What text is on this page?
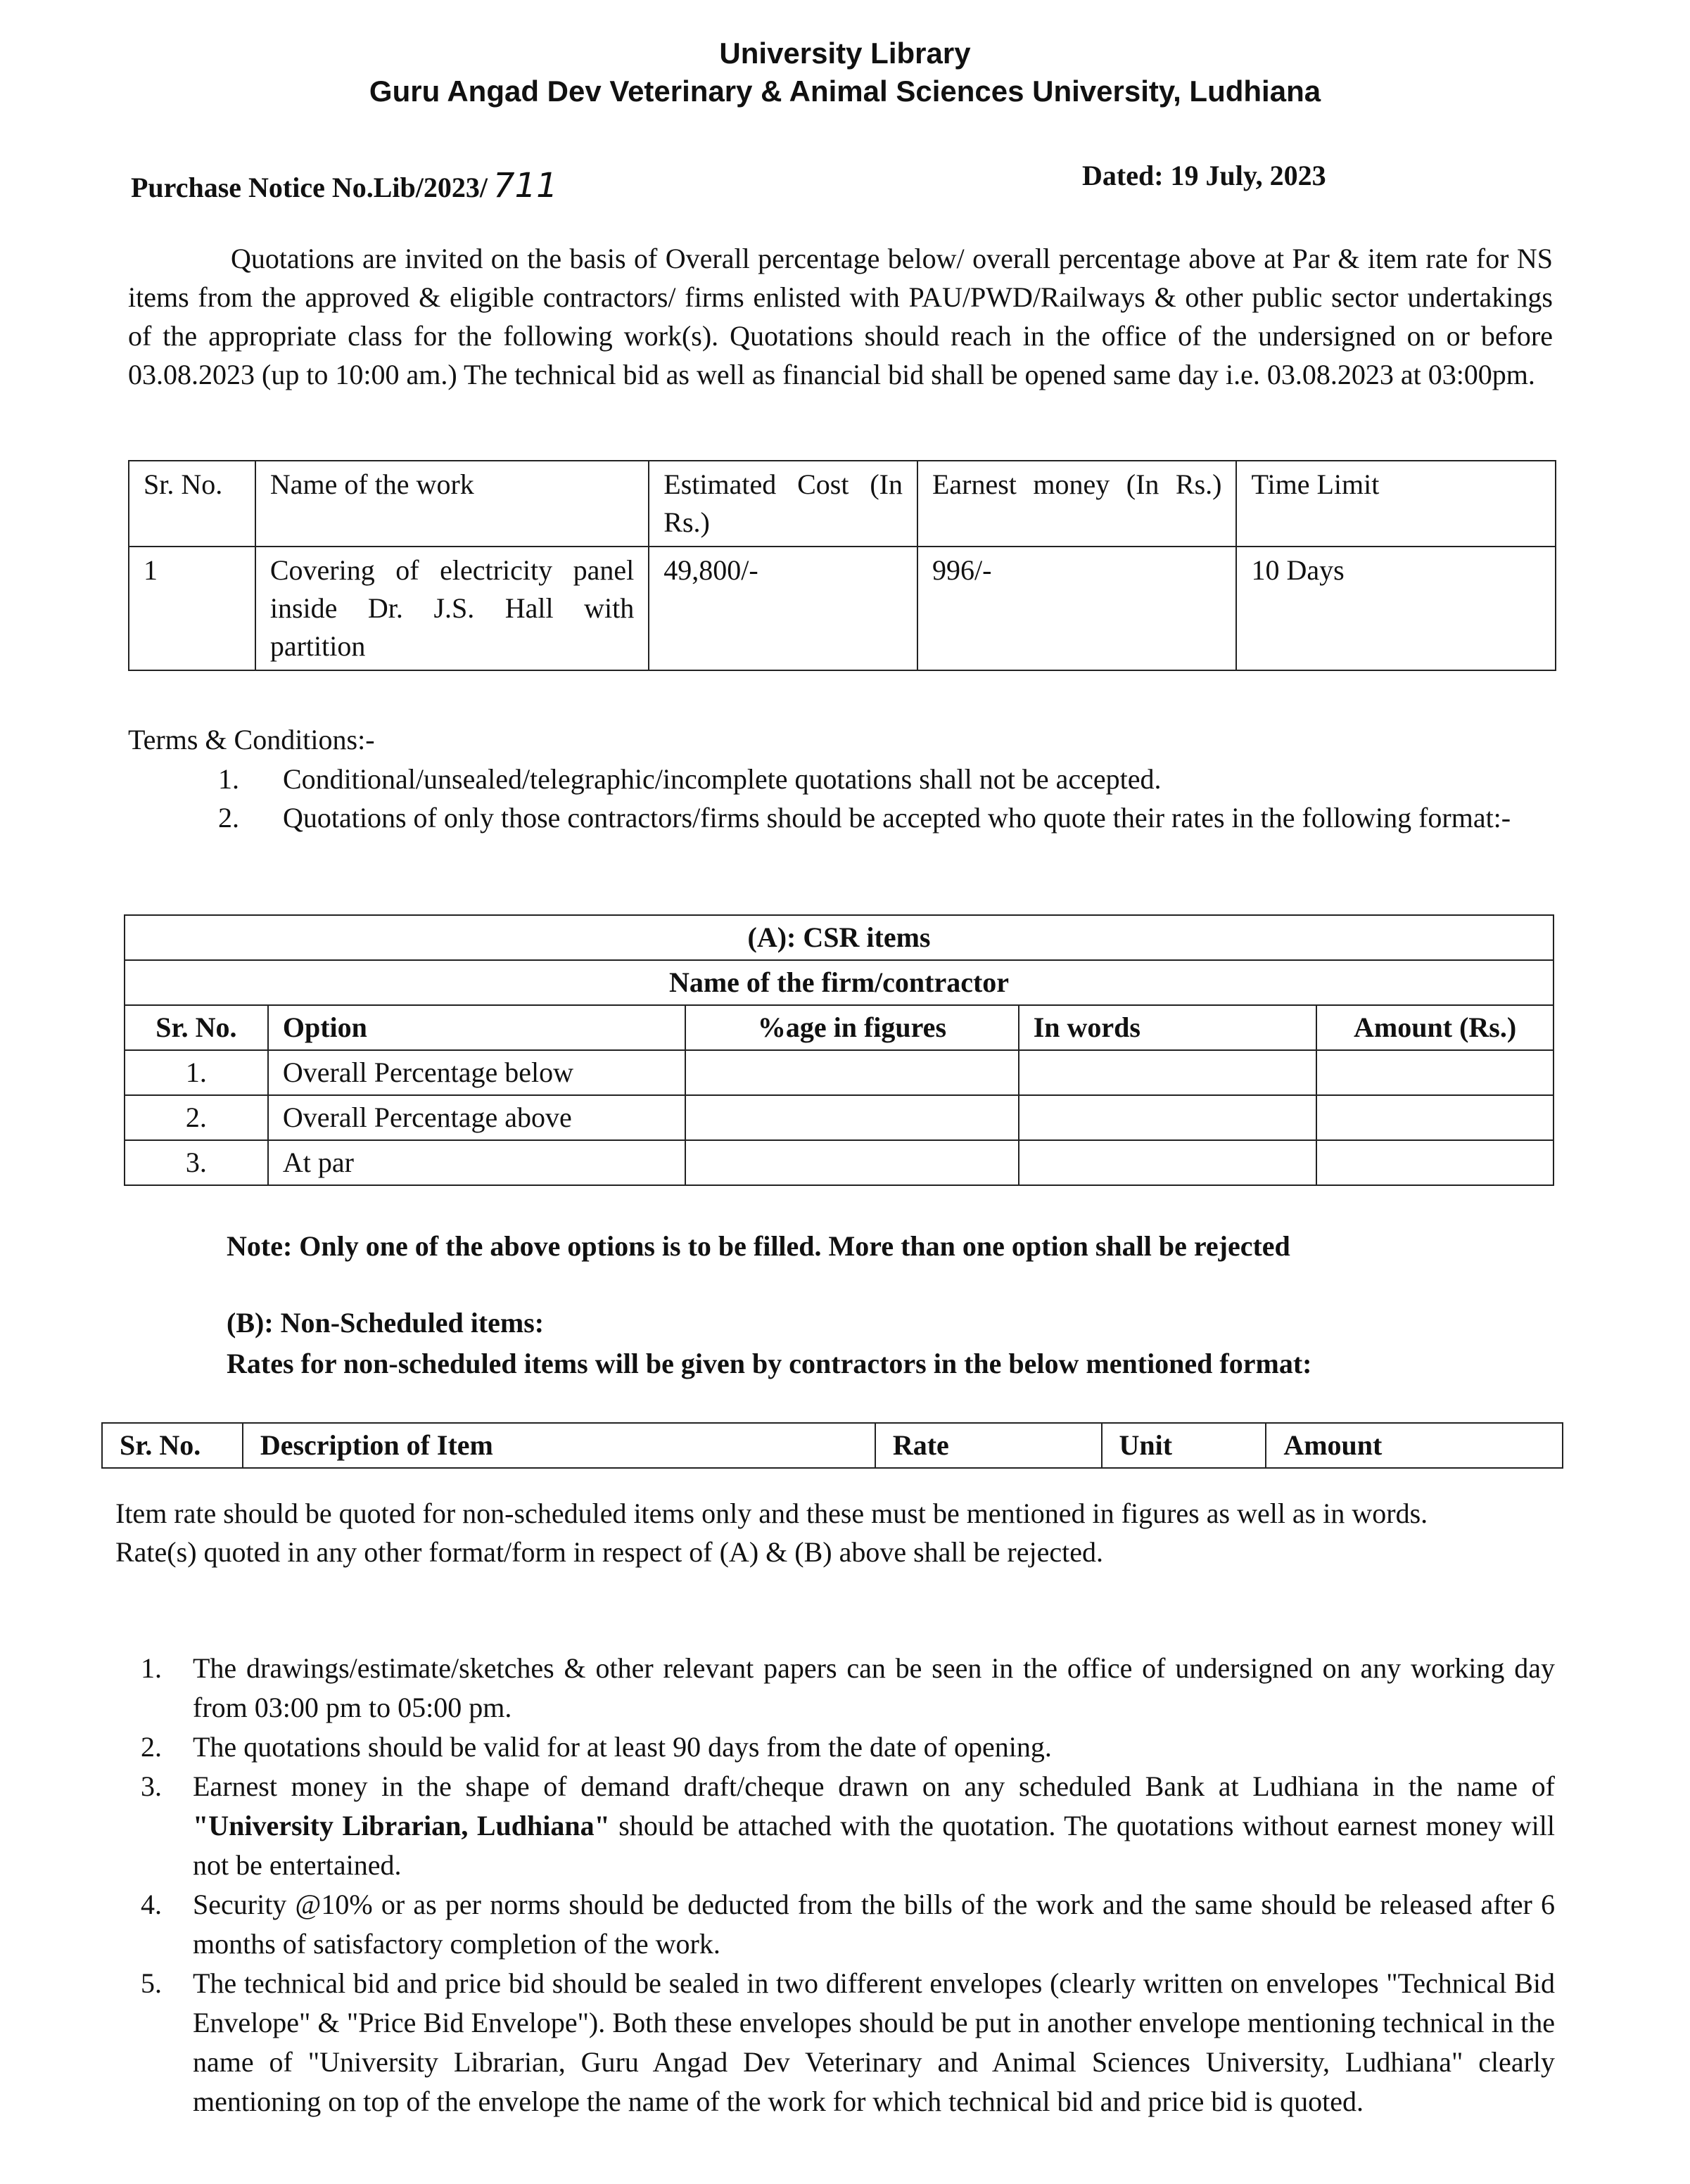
University Library
Guru Angad Dev Veterinary & Animal Sciences University, Ludhiana
Purchase Notice No.Lib/2023/ 711	Dated: 19 July, 2023
Quotations are invited on the basis of Overall percentage below/ overall percentage above at Par & item rate for NS items from the approved & eligible contractors/ firms enlisted with PAU/PWD/Railways & other public sector undertakings of the appropriate class for the following work(s). Quotations should reach in the office of the undersigned on or before 03.08.2023 (up to 10:00 am.) The technical bid as well as financial bid shall be opened same day i.e. 03.08.2023 at 03:00pm.
Sr. No.	Name of the work	Estimated Cost (In Rs.)	Earnest money (In Rs.)	Time Limit
1	Covering of electricity panel inside Dr. J.S. Hall with partition	49,800/-	996/-	10 Days
Terms & Conditions:-
1. Conditional/unsealed/telegraphic/incomplete quotations shall not be accepted.
2. Quotations of only those contractors/firms should be accepted who quote their rates in the following format:-
(A): CSR items				
Name of the firm/contractor				
Sr. No.	Option	%age in figures	In words	Amount (Rs.)
1.	Overall Percentage below			
2.	Overall Percentage above			
3.	At par			
Note: Only one of the above options is to be filled. More than one option shall be rejected
(B): Non-Scheduled items:
Rates for non-scheduled items will be given by contractors in the below mentioned format:
Sr. No.	Description of Item	Rate	Unit	Amount
Item rate should be quoted for non-scheduled items only and these must be mentioned in figures as well as in words.
Rate(s) quoted in any other format/form in respect of (A) & (B) above shall be rejected.
1. The drawings/estimate/sketches & other relevant papers can be seen in the office of undersigned on any working day from 03:00 pm to 05:00 pm.
2. The quotations should be valid for at least 90 days from the date of opening.
3. Earnest money in the shape of demand draft/cheque drawn on any scheduled Bank at Ludhiana in the name of "University Librarian, Ludhiana" should be attached with the quotation. The quotations without earnest money will not be entertained.
4. Security @10% or as per norms should be deducted from the bills of the work and the same should be released after 6 months of satisfactory completion of the work.
5. The technical bid and price bid should be sealed in two different envelopes (clearly written on envelopes "Technical Bid Envelope" & "Price Bid Envelope"). Both these envelopes should be put in another envelope mentioning technical in the name of "University Librarian, Guru Angad Dev Veterinary and Animal Sciences University, Ludhiana" clearly mentioning on top of the envelope the name of the work for which technical bid and price bid is quoted.
